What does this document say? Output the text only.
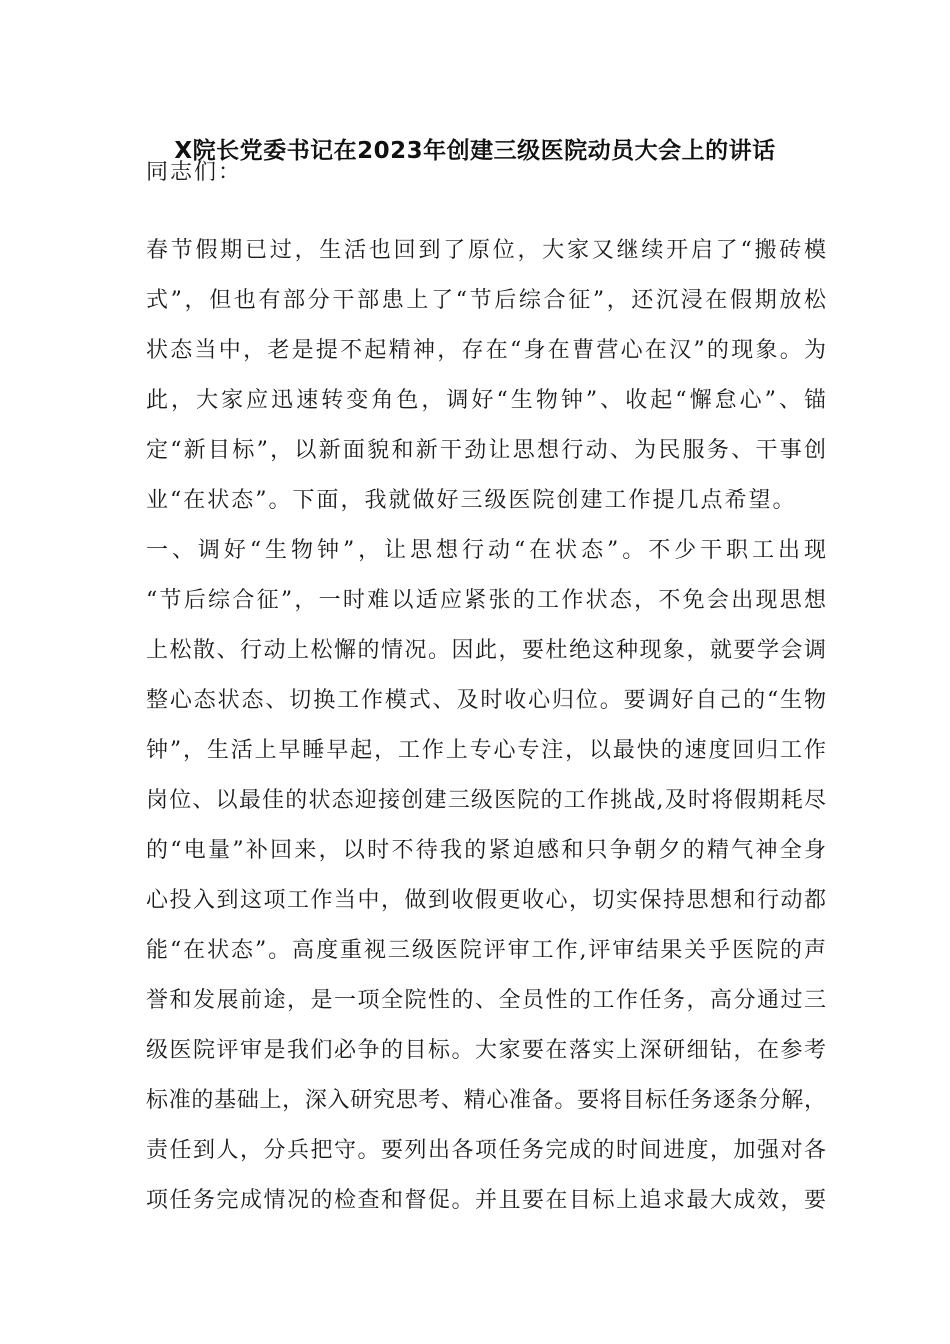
X院长党委书记在2023年创建三级医院动员大会上的讲话
同志们：
春节假期已过，生活也回到了原位，大家又继续开启了“搬砖模
式”，但也有部分干部患上了“节后综合征”，还沉浸在假期放松
状态当中，老是提不起精神，存在“身在曹营心在汉”的现象。为
此，大家应迅速转变角色，调好“生物钟”、收起“懈怠心”、锚
定“新目标”，以新面貌和新干劲让思想行动、为民服务、干事创
业“在状态”。下面，我就做好三级医院创建工作提几点希望。
一、调好“生物钟”，让思想行动“在状态”。不少干职工出现
“节后综合征”，一时难以适应紧张的工作状态，不免会出现思想
上松散、行动上松懈的情况。因此，要杜绝这种现象，就要学会调
整心态状态、切换工作模式、及时收心归位。要调好自己的“生物
钟”，生活上早睡早起，工作上专心专注，以最快的速度回归工作
岗位、以最佳的状态迎接创建三级医院的工作挑战,及时将假期耗尽
的“电量”补回来，以时不待我的紧迫感和只争朝夕的精气神全身
心投入到这项工作当中，做到收假更收心，切实保持思想和行动都
能“在状态”。高度重视三级医院评审工作,评审结果关乎医院的声
誉和发展前途，是一项全院性的、全员性的工作任务，高分通过三
级医院评审是我们必争的目标。大家要在落实上深研细钻，在参考
标准的基础上，深入研究思考、精心准备。要将目标任务逐条分解，
责任到人，分兵把守。要列出各项任务完成的时间进度，加强对各
项任务完成情况的检查和督促。并且要在目标上追求最大成效，要
